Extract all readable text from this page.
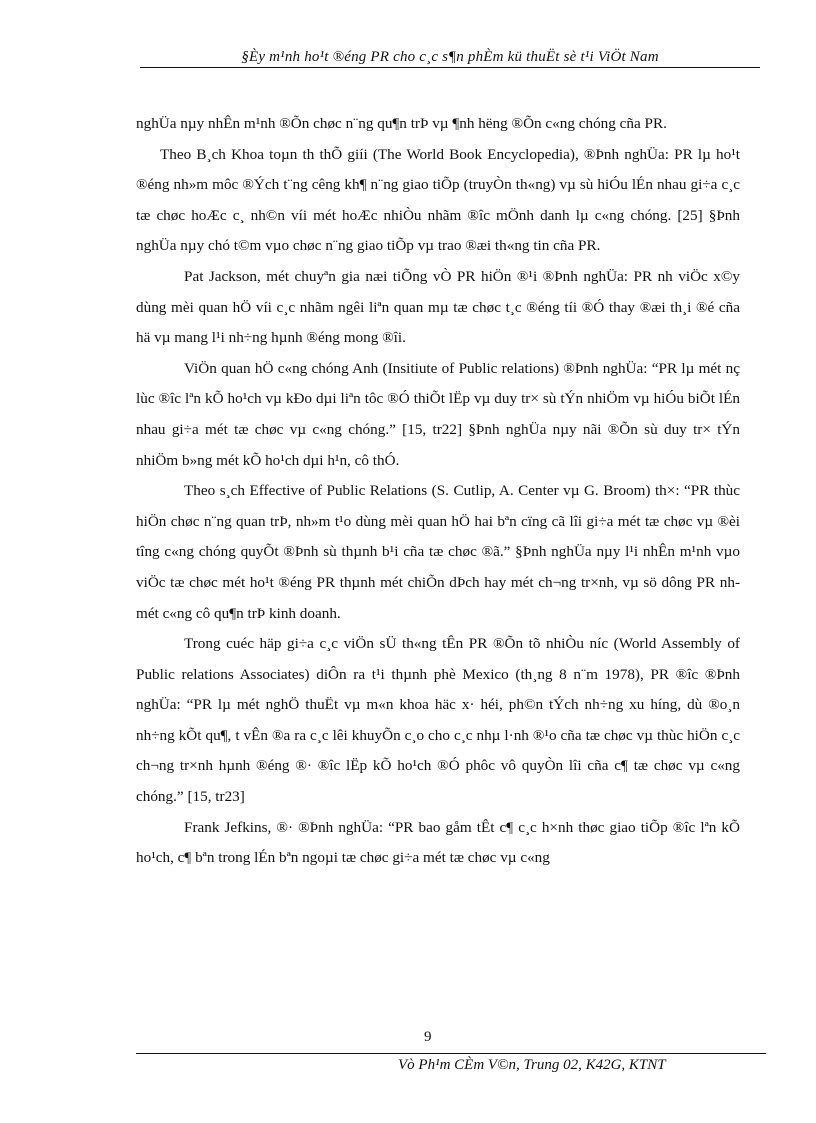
§Èy m¹nh ho¹t ®éng PR cho c¸c s¶n phÈm kü thuËt sè t¹i ViÖt Nam

nghÜa nµy nhÊn m¹nh ®Õn chøc n¨ng qu¶n trÞ vµ ¶nh hëng ®Õn c«ng chóng cña PR.

Theo B¸ch Khoa toµn th thÕ giíi (The World Book Encyclopedia), ®Þnh nghÜa: PR lµ ho¹t ®éng nh»m môc ®Ých t¨ng cêng kh¶ n¨ng giao tiÕp (truyÒn th«ng) vµ sù hiÓu lÉn nhau gi÷a c¸c tæ chøc hoÆc c¸ nh©n víi mét hoÆc nhiÒu nhãm ®îc mÖnh danh lµ c«ng chóng. [25] §Þnh nghÜa nµy chó t©m vµo chøc n¨ng giao tiÕp vµ trao ®æi th«ng tin cña PR.

Pat Jackson, mét chuyªn gia næi tiÕng vÒ PR hiÖn ®¹i ®Þnh nghÜa: PR nh viÖc x©y dùng mèi quan hÖ víi c¸c nhãm ngêi liªn quan mµ tæ chøc t¸c ®éng tíi ®Ó thay ®æi th¸i ®é cña hä vµ mang l¹i nh÷ng hµnh ®éng mong ®îi.

ViÖn quan hÖ c«ng chóng Anh (Insitiute of Public relations) ®Þnh nghÜa: “PR lµ mét nç lùc ®îc lªn kÕ ho¹ch vµ kÐo dµi liªn tôc ®Ó thiÕt lËp vµ duy tr× sù tÝn nhiÖm vµ hiÓu biÕt lÉn nhau gi÷a mét tæ chøc vµ c«ng chóng.” [15, tr22] §Þnh nghÜa nµy nãi ®Õn sù duy tr× tÝn nhiÖm b»ng mét kÕ ho¹ch dµi h¹n, cô thÓ.

Theo s¸ch Effective of Public Relations (S. Cutlip, A. Center vµ G. Broom) th×: “PR thùc hiÖn chøc n¨ng quan trÞ, nh»m t¹o dùng mèi quan hÖ hai bªn cïng cã lîi gi÷a mét tæ chøc vµ ®èi tîng c«ng chóng quyÕt ®Þnh sù thµnh b¹i cña tæ chøc ®ã.” §Þnh nghÜa nµy l¹i nhÊn m¹nh vµo viÖc tæ chøc mét ho¹t ®éng PR thµnh mét chiÕn dÞch hay mét ch¬ng tr×nh, vµ sö dông PR nh mét c«ng cô qu¶n trÞ kinh doanh.

Trong cuéc häp gi÷a c¸c viÖn sÜ th«ng tÊn PR ®Õn tõ nhiÒu níc (World Assembly of Public relations Associates) diÔn ra t¹i thµnh phè Mexico (th¸ng 8 n¨m 1978), PR ®îc ®Þnh nghÜa: “PR lµ mét nghÖ thuËt vµ m«n khoa häc x· héi, ph©n tÝch nh÷ng xu híng, dù ®o¸n nh÷ng kÕt qu¶, t vÊn ®a ra c¸c lêi khuyÕn c¸o cho c¸c nhµ l·nh ®¹o cña tæ chøc vµ thùc hiÖn c¸c ch¬ng tr×nh hµnh ®éng ®· ®îc lËp kÕ ho¹ch ®Ó phôc vô quyÒn lîi cña c¶ tæ chøc vµ c«ng chóng.” [15, tr23]

Frank Jefkins, ®· ®Þnh nghÜa: “PR bao gåm tÊt c¶ c¸c h×nh thøc giao tiÕp ®îc lªn kÕ ho¹ch, c¶ bªn trong lÉn bªn ngoµi tæ chøc gi÷a mét tæ chøc vµ c«ng

9
Vò Ph¹m CÈm V©n, Trung 02, K42G, KTNT
